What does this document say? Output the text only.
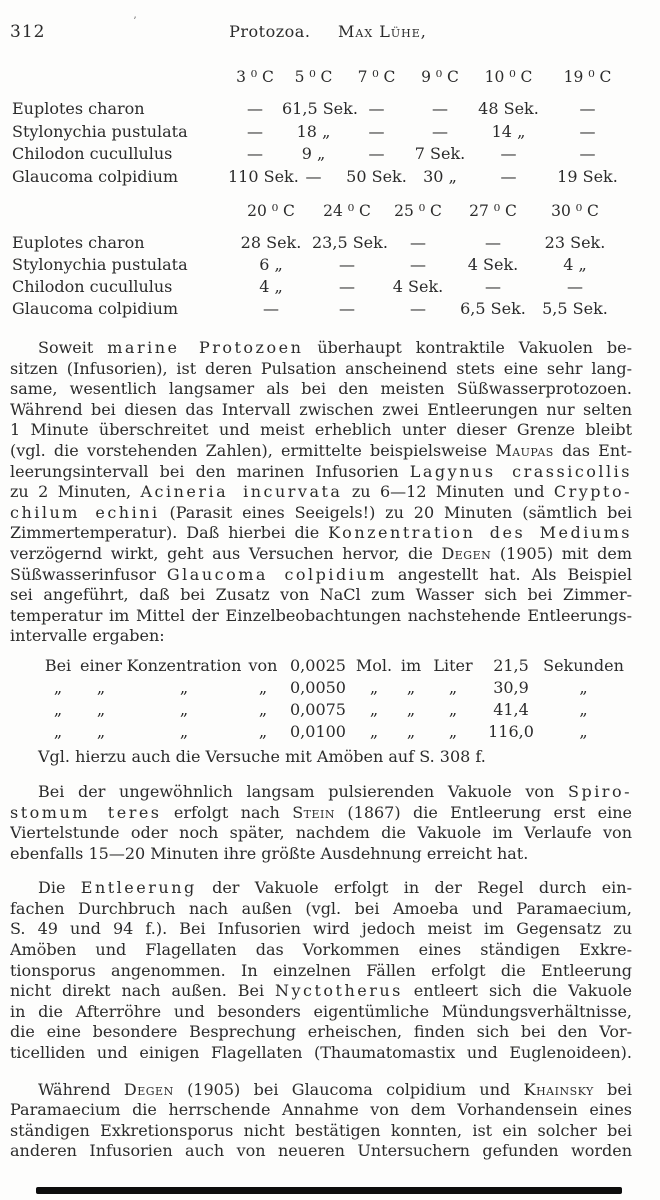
312
ʼ
Protozoa. Max Lühe,
3 ⁰ C	5 ⁰ C	7 ⁰ C	9 ⁰ C	10 ⁰ C	19 ⁰ C
Euplotes charon	—	61,5 Sek. —	—	48 Sek.	—
Stylonychia pustulata	—	18 „	—	—	14 „	—
Chilodon cucullulus	—	9 „	—	7 Sek.	—	—
Glaucoma colpidium	110 Sek. —	50 Sek.	30 „	—	19 Sek.
20 ⁰ C	24 ⁰ C	25 ⁰ C	27 ⁰ C	30 ⁰ C
Euplotes charon	28 Sek. 23,5 Sek.	—	—	23 Sek.
Stylonychia pustulata	6 „	—	—	4 Sek.	4 „
Chilodon cucullulus	4 „	—	4 Sek.	—	—
Glaucoma colpidium	—	—	—	6,5 Sek.	5,5 Sek.
Soweit marine Protozoen überhaupt kontraktile Vakuolen be-
sitzen (Infusorien), ist deren Pulsation anscheinend stets eine sehr lang-
same, wesentlich langsamer als bei den meisten Süßwasserprotozoen.
Während bei diesen das Intervall zwischen zwei Entleerungen nur selten
1 Minute überschreitet und meist erheblich unter dieser Grenze bleibt
(vgl. die vorstehenden Zahlen), ermittelte beispielsweise Maupas das Ent-
leerungsintervall bei den marinen Infusorien Lagynus crassicollis
zu 2 Minuten, Acineria incurvata zu 6—12 Minuten und Crypto-
chilum echini (Parasit eines Seeigels!) zu 20 Minuten (sämtlich bei
Zimmertemperatur). Daß hierbei die Konzentration des Mediums
verzögernd wirkt, geht aus Versuchen hervor, die Degen (1905) mit dem
Süßwasserinfusor Glaucoma colpidium angestellt hat. Als Beispiel
sei angeführt, daß bei Zusatz von NaCl zum Wasser sich bei Zimmer-
temperatur im Mittel der Einzelbeobachtungen nachstehende Entleerungs-
intervalle ergaben:
Bei einer Konzentration von 0,0025 Mol. im Liter	21,5 Sekunden
„	„	„	„	0,0050	„	„	„	30,9	„
„	„	„	„	0,0075	„	„	„	41,4	„
„	„	„	„	0,0100	„	„	„	116,0	„
Vgl. hierzu auch die Versuche mit Amöben auf S. 308 f.
Bei der ungewöhnlich langsam pulsierenden Vakuole von Spiro-
stomum teres erfolgt nach Stein (1867) die Entleerung erst eine
Viertelstunde oder noch später, nachdem die Vakuole im Verlaufe von
ebenfalls 15—20 Minuten ihre größte Ausdehnung erreicht hat.
Die Entleerung der Vakuole erfolgt in der Regel durch ein-
fachen Durchbruch nach außen (vgl. bei Amoeba und Paramaecium,
S. 49 und 94 f.). Bei Infusorien wird jedoch meist im Gegensatz zu
Amöben und Flagellaten das Vorkommen eines ständigen Exkre-
tionsporus angenommen. In einzelnen Fällen erfolgt die Entleerung
nicht direkt nach außen. Bei Nyctotherus entleert sich die Vakuole
in die Afterröhre und besonders eigentümliche Mündungsverhältnisse,
die eine besondere Besprechung erheischen, finden sich bei den Vor-
ticelliden und einigen Flagellaten (Thaumatomastix und Euglenoideen).
Während Degen (1905) bei Glaucoma colpidium und Khainsky bei
Paramaecium die herrschende Annahme von dem Vorhandensein eines
ständigen Exkretionsporus nicht bestätigen konnten, ist ein solcher bei
anderen Infusorien auch von neueren Untersuchern gefunden worden
